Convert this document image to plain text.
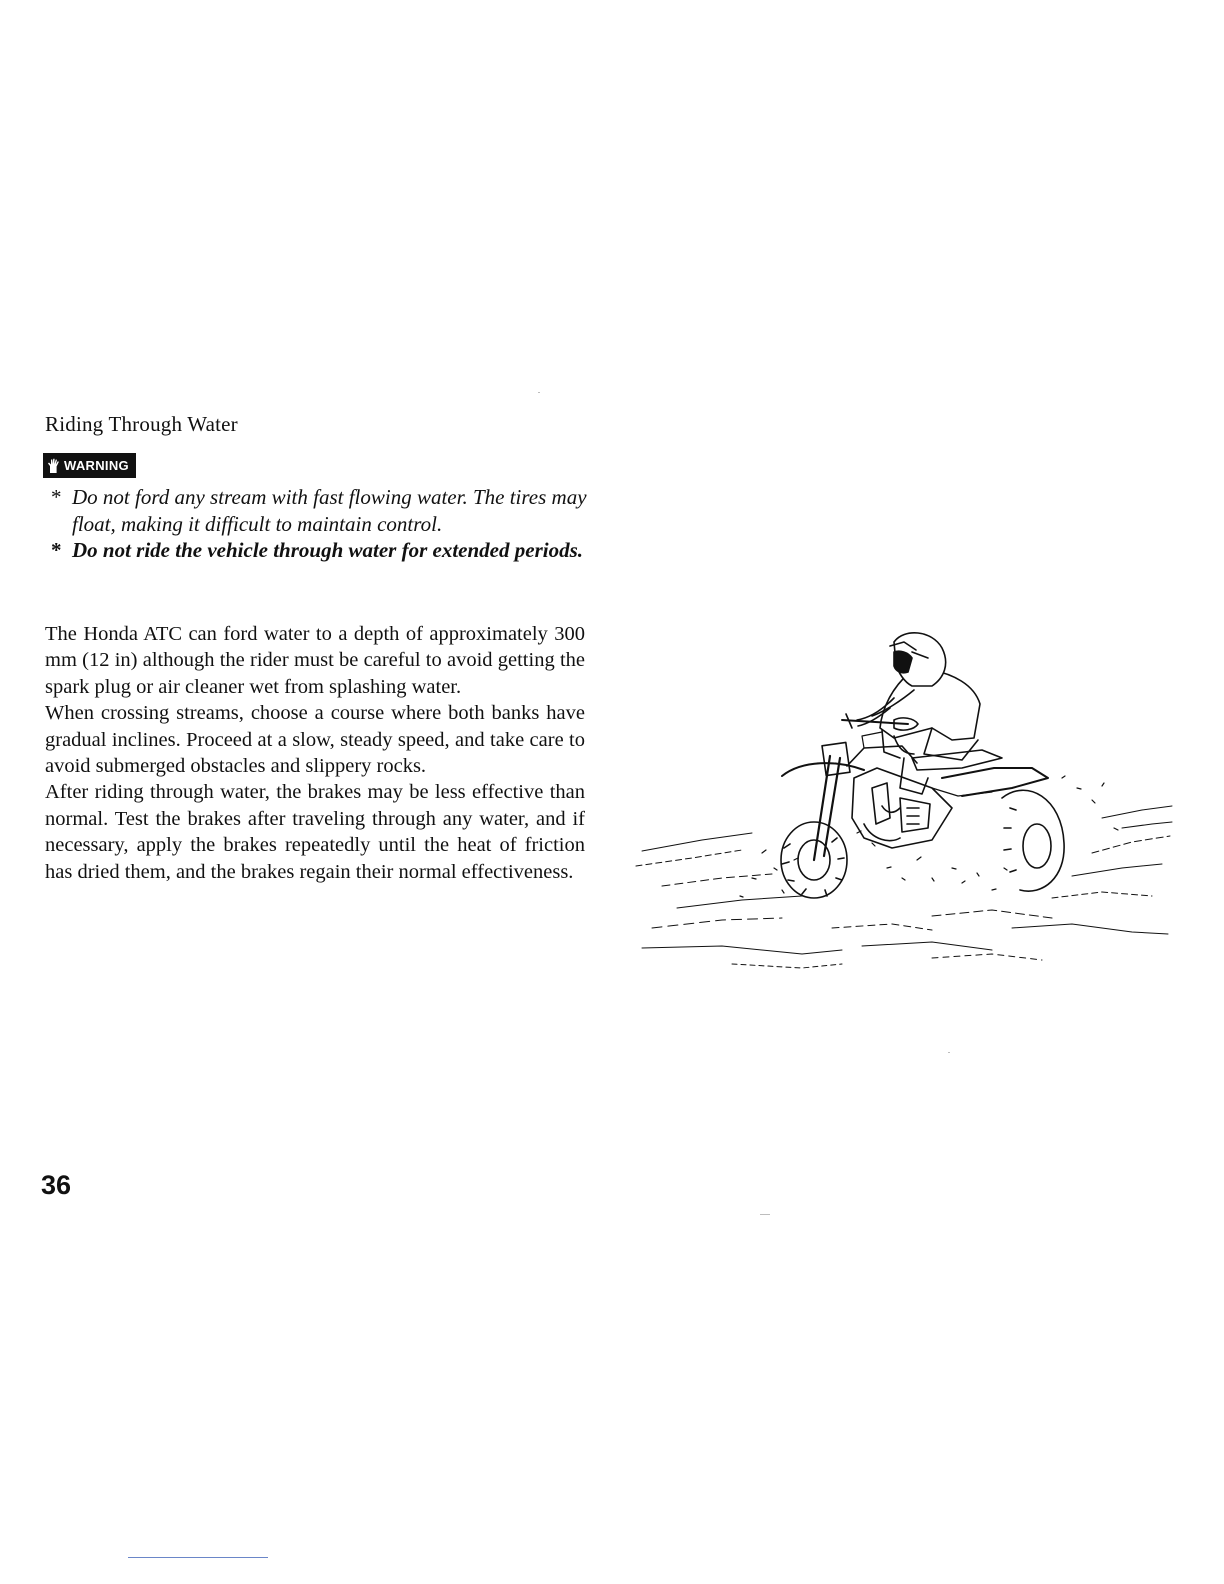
Riding Through Water
WARNING
* Do not ford any stream with fast flowing water. The tires may float, making it difficult to maintain control.
* Do not ride the vehicle through water for extended periods.

The Honda ATC can ford water to a depth of approximately 300 mm (12 in) although the rider must be careful to avoid getting the spark plug or air cleaner wet from splashing water.

When crossing streams, choose a course where both banks have gradual inclines. Proceed at a slow, steady speed, and take care to avoid submerged obstacles and slippery rocks.

After riding through water, the brakes may be less effective than normal. Test the brakes after traveling through any water, and if necessary, apply the brakes repeatedly until the heat of friction has dried them, and the brakes regain their normal effectiveness.

36
